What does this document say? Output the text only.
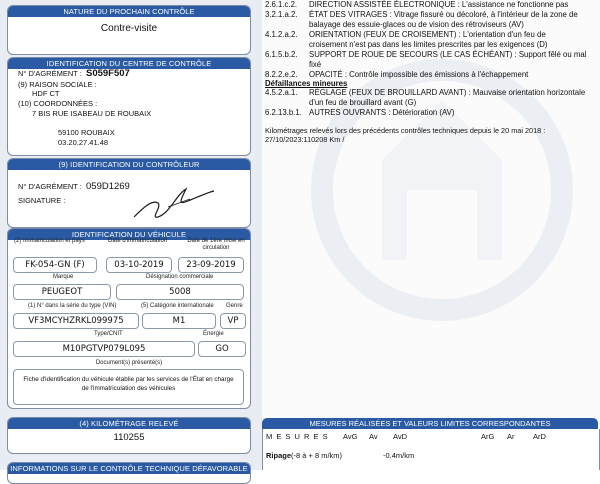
NATURE DU PROCHAIN CONTRÔLE
Contre-visite
IDENTIFICATION DU CENTRE DE CONTRÔLE
N° D'AGRÉMENT : S059F507
(9) RAISON SOCIALE :
HDF CT
(10) COORDONNÉES :
7 BIS RUE ISABEAU DE ROUBAIX
59100 ROUBAIX
03.20.27.41.48
(9) IDENTIFICATION DU CONTRÔLEUR
N° D'AGRÉMENT : 059D1269
SIGNATURE :
IDENTIFICATION DU VÉHICULE
(2) Immatriculation et pays	Date d'immatriculation	Date de 1ère mise en circulation
FK-054-GN (F)	03-10-2019	23-09-2019
Marque	Désignation commerciale
PEUGEOT	5008
(1) N° dans la série du type (VIN)	(5) Catégorie internationale Genre
VF3MCYHZRKL099975	M1	VP
Type/CNIT	Énergie
M10PGTVP079L095	GO
Document(s) présenté(s)
Fiche d'identification du véhicule établie par les services de l'État en charge
de l'immatriculation des véhicules
(4) KILOMÉTRAGE RELEVÉ
110255
INFORMATIONS SUR LE CONTRÔLE TECHNIQUE DÉFAVORABLE
2.6.1.c.2. DIRECTION ASSISTÉE ÉLECTRONIQUE : L'assistance ne fonctionne pas
3.2.1.a.2. ÉTAT DES VITRAGES : Vitrage fissuré ou décoloré, à l'intérieur de la zone de
balayage des essuie-glaces ou de vision des rétroviseurs (AV)
4.1.2.a.2. ORIENTATION (FEUX DE CROISEMENT) : L'orientation d'un feu de
croisement n'est pas dans les limites prescrites par les exigences (D)
6.1.5.b.2. SUPPORT DE ROUE DE SECOURS (LE CAS ÉCHÉANT) : Support fêlé ou mal
fixé
8.2.2.e.2. OPACITÉ : Contrôle impossible des émissions à l'échappement
Défaillances mineures
4.5.2.a.1. RÉGLAGE (FEUX DE BROUILLARD AVANT) : Mauvaise orientation horizontale
d'un feu de brouillard avant (G)
6.2.13.b.1. AUTRES OUVRANTS : Détérioration (AV)
Kilométrages relevés lors des précédents contrôles techniques depuis le 20 mai 2018 :
27/10/2023:110208 Km /
MESURES RÉALISÉES ET VALEURS LIMITES CORRESPONDANTES
M E S U R E S AvG Av AvD	ArG Ar ArD
Ripage (-8 à + 8 m/km)	-0.4m/km
